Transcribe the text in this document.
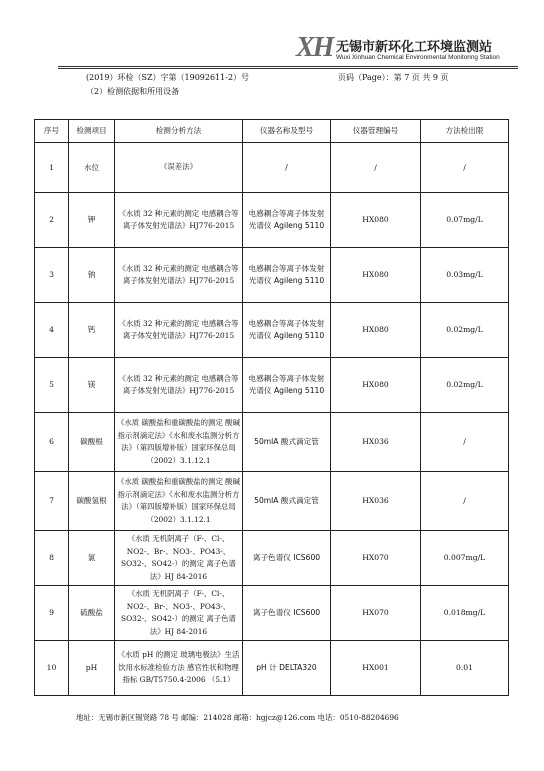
XH 无锡市新环化工环境监测站
Wuxi Xinhuan Chemical Environmental Monitoring Station
(2019）环检（SZ）字第（19092611-2）号	页码（Page）：第 7 页 共 9 页
（2）检测依据和所用设备
序号	检测项目	检测分析方法	仪器名称及型号	仪器管理编号	方法检出限
1	水位	《误差法》	/	/	/
2	钾	《水质 32 种元素的测定 电感耦合等离子体发射光谱法》HJ776-2015	电感耦合等离子体发射光谱仪 Agileng 5110	HX080	0.07mg/L
3	钠	《水质 32 种元素的测定 电感耦合等离子体发射光谱法》HJ776-2015	电感耦合等离子体发射光谱仪 Agileng 5110	HX080	0.03mg/L
4	钙	《水质 32 种元素的测定 电感耦合等离子体发射光谱法》HJ776-2015	电感耦合等离子体发射光谱仪 Agileng 5110	HX080	0.02mg/L
5	镁	《水质 32 种元素的测定 电感耦合等离子体发射光谱法》HJ776-2015	电感耦合等离子体发射光谱仪 Agileng 5110	HX080	0.02mg/L
6	碳酸根	《水质 碳酸盐和重碳酸盐的测定 酸碱指示剂滴定法》《水和废水监测分析方法》（第四版增补版）国家环保总局（2002）3.1.12.1	50mlA 酸式滴定管	HX036	/
7	碳酸氢根	《水质 碳酸盐和重碳酸盐的测定 酸碱指示剂滴定法》《水和废水监测分析方法》（第四版增补版）国家环保总局（2002）3.1.12.1	50mlA 酸式滴定管	HX036	/
8	氯	《水质 无机阴离子（F-、Cl-、NO2-、Br-、NO3-、PO43-、SO32-、SO42-）的测定 离子色谱法》HJ 84-2016	离子色谱仪 ICS600	HX070	0.007mg/L
9	硫酸盐	《水质 无机阴离子（F-、Cl-、NO2-、Br-、NO3-、PO43-、SO32-、SO42-）的测定 离子色谱法》HJ 84-2016	离子色谱仪 ICS600	HX070	0.018mg/L
10	pH	《水质 pH 的测定 玻璃电极法》生活饮用水标准检验方法 感官性状和物理指标 GB/T5750.4-2006 （5.1）	pH 计 DELTA320	HX001	0.01
地址：无锡市新区锡贤路 78 号 邮编：214028 邮箱：hgjcz@126.com 电话：0510-88204696
